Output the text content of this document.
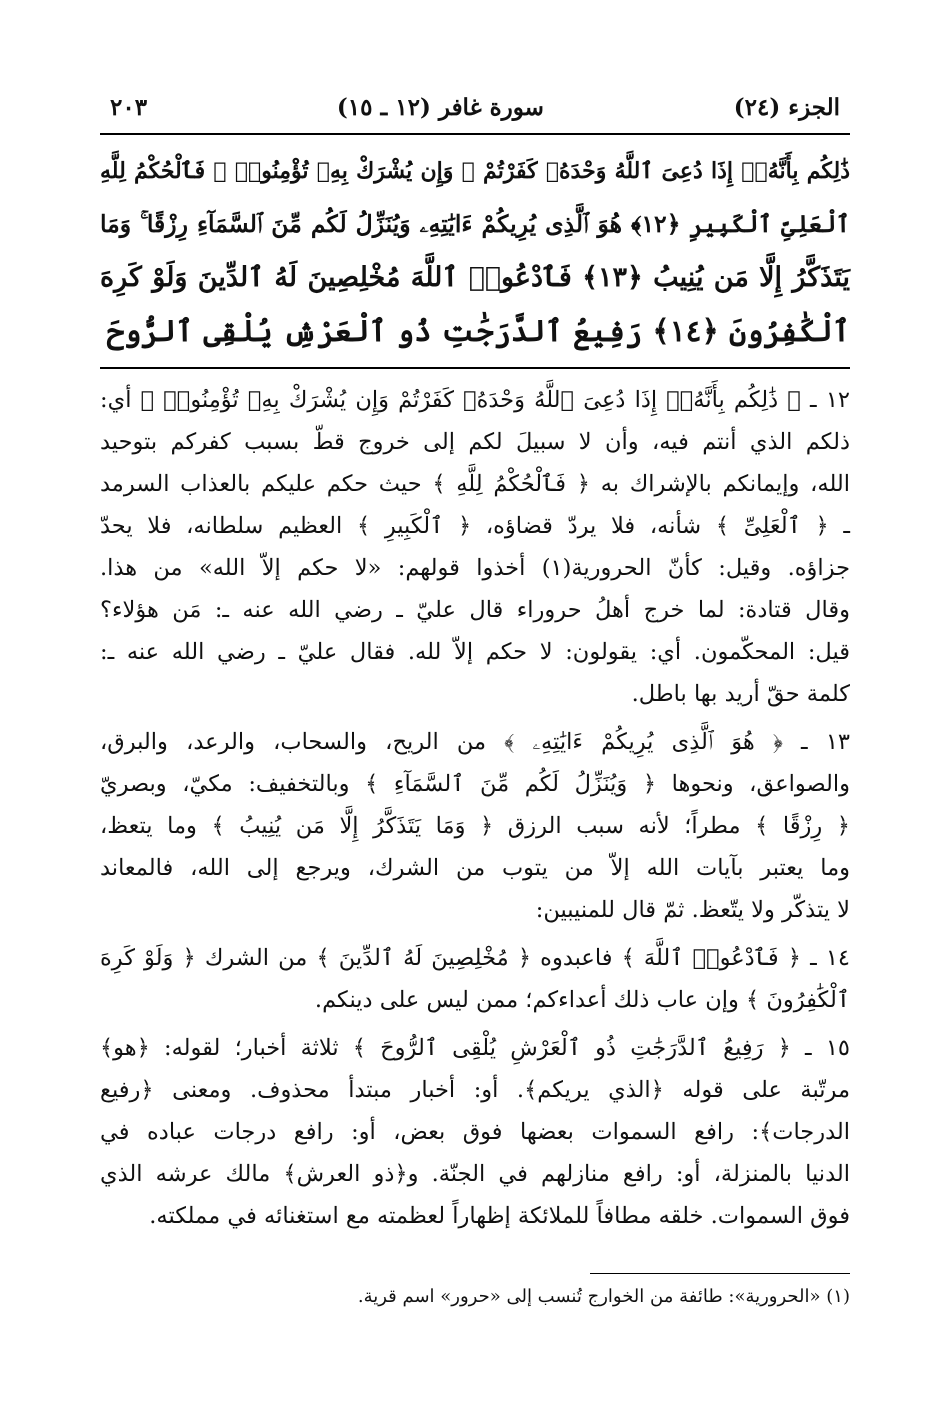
الجزء (٢٤)
سورة غافر (١٢ ـ ١٥)
٢٠٣
ذَٰلِكُم بِأَنَّهُۥٓ إِذَا دُعِىَ ٱللَّهُ وَحْدَهُۥ كَفَرْتُمْ ۖ وَإِن يُشْرَكْ بِهِۦ تُؤْمِنُوا۟ ۚ فَٱلْحُكْمُ لِلَّهِ
ٱلْعَلِىِّ ٱلْكَبِيرِ ﴿١٢﴾ هُوَ ٱلَّذِى يُرِيكُمْ ءَايَٰتِهِۦ وَيُنَزِّلُ لَكُم مِّنَ ٱلسَّمَآءِ رِزْقًا ۚ وَمَا
يَتَذَكَّرُ إِلَّا مَن يُنِيبُ ﴿١٣﴾ فَٱدْعُوا۟ ٱللَّهَ مُخْلِصِينَ لَهُ ٱلدِّينَ وَلَوْ كَرِهَ
ٱلْكَٰفِرُونَ ﴿١٤﴾ رَفِيعُ ٱلدَّرَجَٰتِ ذُو ٱلْعَرْشِ يُلْقِى ٱلرُّوحَ
١٢ ـ ﴿ ذَٰلِكُم بِأَنَّهُۥٓ إِذَا دُعِىَ ٱللَّهُ وَحْدَهُۥ كَفَرْتُمْ وَإِن يُشْرَكْ بِهِۦ تُؤْمِنُوا۟ ﴾ أي:
ذلكم الذي أنتم فيه، وأن لا سبيلَ لكم إلى خروج قطّ بسبب كفركم بتوحيد
الله، وإيمانكم بالإشراك به ﴿ فَٱلْحُكْمُ لِلَّهِ ﴾ حيث حكم عليكم بالعذاب السرمد
ـ ﴿ ٱلْعَلِىِّ ﴾ شأنه، فلا يردّ قضاؤه، ﴿ ٱلْكَبِيرِ ﴾ العظيم سلطانه، فلا يحدّ
جزاؤه. وقيل: كأنّ الحرورية(١) أخذوا قولهم: «لا حكم إلاّ الله» من هذا.
وقال قتادة: لما خرج أهلُ حروراء قال عليّ ـ رضي الله عنه ـ: مَن هؤلاء؟
قيل: المحكّمون. أي: يقولون: لا حكم إلاّ لله. فقال عليّ ـ رضي الله عنه ـ:
كلمة حقّ أريد بها باطل.
١٣ ـ ﴿ هُوَ ٱلَّذِى يُرِيكُمْ ءَايَٰتِهِۦ ﴾ من الريح، والسحاب، والرعد، والبرق،
والصواعق، ونحوها ﴿ وَيُنَزِّلُ لَكُم مِّنَ ٱلسَّمَآءِ ﴾ وبالتخفيف: مكيّ، وبصريّ
﴿ رِزْقًا ﴾ مطراً؛ لأنه سبب الرزق ﴿ وَمَا يَتَذَكَّرُ إِلَّا مَن يُنِيبُ ﴾ وما يتعظ،
وما يعتبر بآيات الله إلاّ من يتوب من الشرك، ويرجع إلى الله، فالمعاند
لا يتذكّر ولا يتّعظ. ثمّ قال للمنيبين:
١٤ ـ ﴿ فَٱدْعُوا۟ ٱللَّهَ ﴾ فاعبدوه ﴿ مُخْلِصِينَ لَهُ ٱلدِّينَ ﴾ من الشرك ﴿ وَلَوْ كَرِهَ
ٱلْكَٰفِرُونَ ﴾ وإن عاب ذلك أعداءكم؛ ممن ليس على دينكم.
١٥ ـ ﴿ رَفِيعُ ٱلدَّرَجَٰتِ ذُو ٱلْعَرْشِ يُلْقِى ٱلرُّوحَ ﴾ ثلاثة أخبار؛ لقوله: ﴿هو﴾
مرتّبة على قوله ﴿الذي يريكم﴾. أو: أخبار مبتدأ محذوف. ومعنى ﴿رفيع
الدرجات﴾: رافع السموات بعضها فوق بعض، أو: رافع درجات عباده في
الدنيا بالمنزلة، أو: رافع منازلهم في الجنّة. و﴿ذو العرش﴾ مالك عرشه الذي
فوق السموات. خلقه مطافاً للملائكة إظهاراً لعظمته مع استغنائه في مملكته.
(١) «الحرورية»: طائفة من الخوارج تُنسب إلى «حرور» اسم قرية.
